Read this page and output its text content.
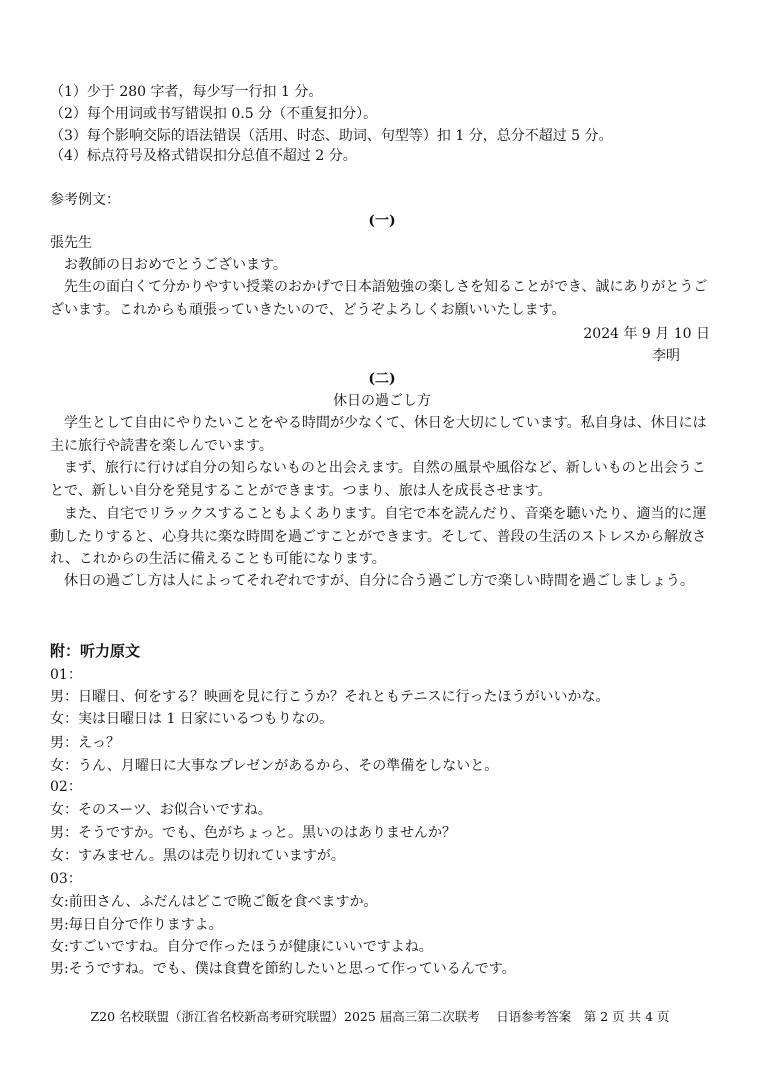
（1）少于 280 字者，每少写一行扣 1 分。
（2）每个用词或书写错误扣 0.5 分（不重复扣分）。
（3）每个影响交际的语法错误（活用、时态、助词、句型等）扣 1 分，总分不超过 5 分。
（4）标点符号及格式错误扣分总值不超过 2 分。
参考例文：
(一)
張先生
お教師の日おめでとうございます。
先生の面白くて分かりやすい授業のおかげで日本語勉強の楽しさを知ることができ、誠にありがとうございます。これからも頑張っていきたいので、どうぞよろしくお願いいたします。
2024 年 9 月 10 日
李明
(二)
休日の過ごし方
学生として自由にやりたいことをやる時間が少なくて、休日を大切にしています。私自身は、休日には主に旅行や読書を楽しんでいます。
まず、旅行に行けば自分の知らないものと出会えます。自然の風景や風俗など、新しいものと出会うことで、新しい自分を発見することができます。つまり、旅は人を成長させます。
また、自宅でリラックスすることもよくあります。自宅で本を読んだり、音楽を聴いたり、適当的に運動したりすると、心身共に楽な時間を過ごすことができます。そして、普段の生活のストレスから解放され、これからの生活に備えることも可能になります。
休日の過ごし方は人によってそれぞれですが、自分に合う過ごし方で楽しい時間を過ごしましょう。
附：听力原文
01：
男：日曜日、何をする？映画を見に行こうか？それともテニスに行ったほうがいいかな。
女：実は日曜日は 1 日家にいるつもりなの。
男：えっ？
女：うん、月曜日に大事なプレゼンがあるから、その準備をしないと。
02：
女：そのスーツ、お似合いですね。
男：そうですか。でも、色がちょっと。黒いのはありませんか？
女：すみません。黒のは売り切れていますが。
03：
女:前田さん、ふだんはどこで晩ご飯を食べますか。
男:毎日自分で作りますよ。
女:すごいですね。自分で作ったほうが健康にいいですよね。
男:そうですね。でも、僕は食費を節約したいと思って作っているんです。
Z20 名校联盟（浙江省名校新高考研究联盟）2025 届高三第二次联考　 日语参考答案　第 2 页 共 4 页
